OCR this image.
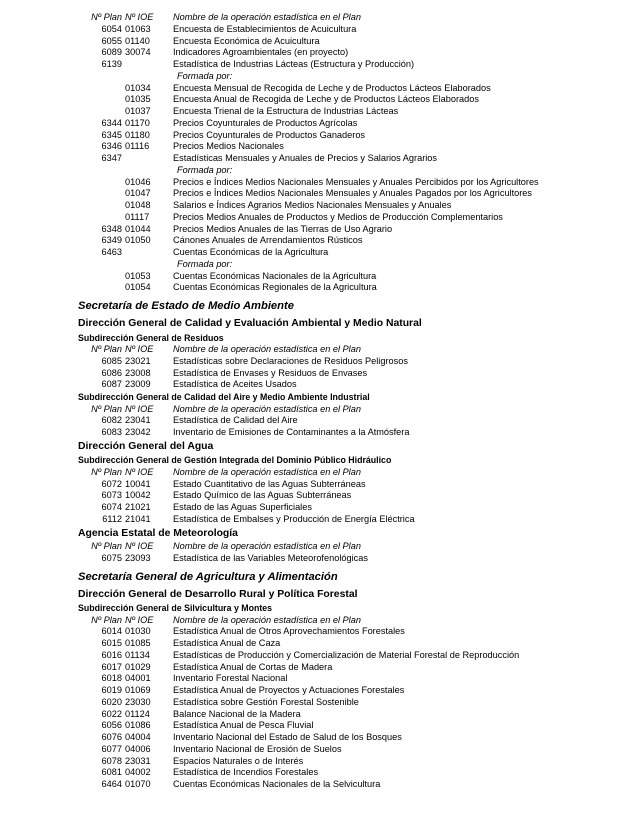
Nº Plan Nº IOE Nombre de la operación estadística en el Plan
6054 01063 Encuesta de Establecimientos de Acuicultura
6055 01140	Encuesta Económica de Acuicultura
6089 30074 Indicadores Agroambientales (en proyecto)
6139	Estadística de Industrias Lácteas (Estructura y Producción)
Formada por:
01034 Encuesta Mensual de Recogida de Leche y de Productos Lácteos Elaborados
01035 Encuesta Anual de Recogida de Leche y de Productos Lácteos Elaborados
01037 Encuesta Trienal de la Estructura de Industrias Lácteas
6344 01170	Precios Coyunturales de Productos Agrícolas
6345 01180	Precios Coyunturales de Productos Ganaderos
6346 01116	Precios Medios Nacionales
6347	Estadísticas Mensuales y Anuales de Precios y Salarios Agrarios
Formada por:
01046 Precios e Índices Medios Nacionales Mensuales y Anuales Percibidos por los Agricultores
01047 Precios e Índices Medios Nacionales Mensuales y Anuales Pagados por los Agricultores
01048 Salarios e Índices Agrarios Medios Nacionales Mensuales y Anuales
01117	Precios Medios Anuales de Productos y Medios de Producción Complementarios
6348 01044 Precios Medios Anuales de las Tierras de Uso Agrario
6349 01050 Cánones Anuales de Arrendamientos Rústicos
6463	Cuentas Económicas de la Agricultura
Formada por:
01053 Cuentas Económicas Nacionales de la Agricultura
01054 Cuentas Económicas Regionales de la Agricultura
Secretaría de Estado de Medio Ambiente
Dirección General de Calidad y Evaluación Ambiental y Medio Natural
Subdirección General de Residuos
Nº Plan Nº IOE Nombre de la operación estadística en el Plan
6085 23021 Estadísticas sobre Declaraciones de Residuos Peligrosos
6086 23008 Estadística de Envases y Residuos de Envases
6087 23009 Estadística de Aceites Usados
Subdirección General de Calidad del Aire y Medio Ambiente Industrial
Nº Plan Nº IOE Nombre de la operación estadística en el Plan
6082 23041 Estadística de Calidad del Aire
6083 23042 Inventario de Emisiones de Contaminantes a la Atmósfera
Dirección General del Agua
Subdirección General de Gestión Integrada del Dominio Público Hidráulico
Nº Plan Nº IOE Nombre de la operación estadística en el Plan
6072 10041 Estado Cuantitativo de las Aguas Subterráneas
6073 10042 Estado Químico de las Aguas Subterráneas
6074 21021 Estado de las Aguas Superficiales
6112 21041 Estadística de Embalses y Producción de Energía Eléctrica
Agencia Estatal de Meteorología
Nº Plan Nº IOE Nombre de la operación estadística en el Plan
6075 23093 Estadística de las Variables Meteorofenológicas
Secretaría General de Agricultura y Alimentación
Dirección General de Desarrollo Rural y Política Forestal
Subdirección General de Silvicultura y Montes
Nº Plan Nº IOE Nombre de la operación estadística en el Plan
6014 01030 Estadística Anual de Otros Aprovechamientos Forestales
6015 01085 Estadística Anual de Caza
6016 01134	Estadísticas de Producción y Comercialización de Material Forestal de Reproducción
6017 01029 Estadística Anual de Cortas de Madera
6018 04001 Inventario Forestal Nacional
6019 01069 Estadística Anual de Proyectos y Actuaciones Forestales
6020 23030 Estadística sobre Gestión Forestal Sostenible
6022 01124	Balance Nacional de la Madera
6056 01086 Estadística Anual de Pesca Fluvial
6076 04004 Inventario Nacional del Estado de Salud de los Bosques
6077 04006 Inventario Nacional de Erosión de Suelos
6078 23031 Espacios Naturales o de Interés
6081 04002 Estadística de Incendios Forestales
6464 01070 Cuentas Económicas Nacionales de la Selvicultura
